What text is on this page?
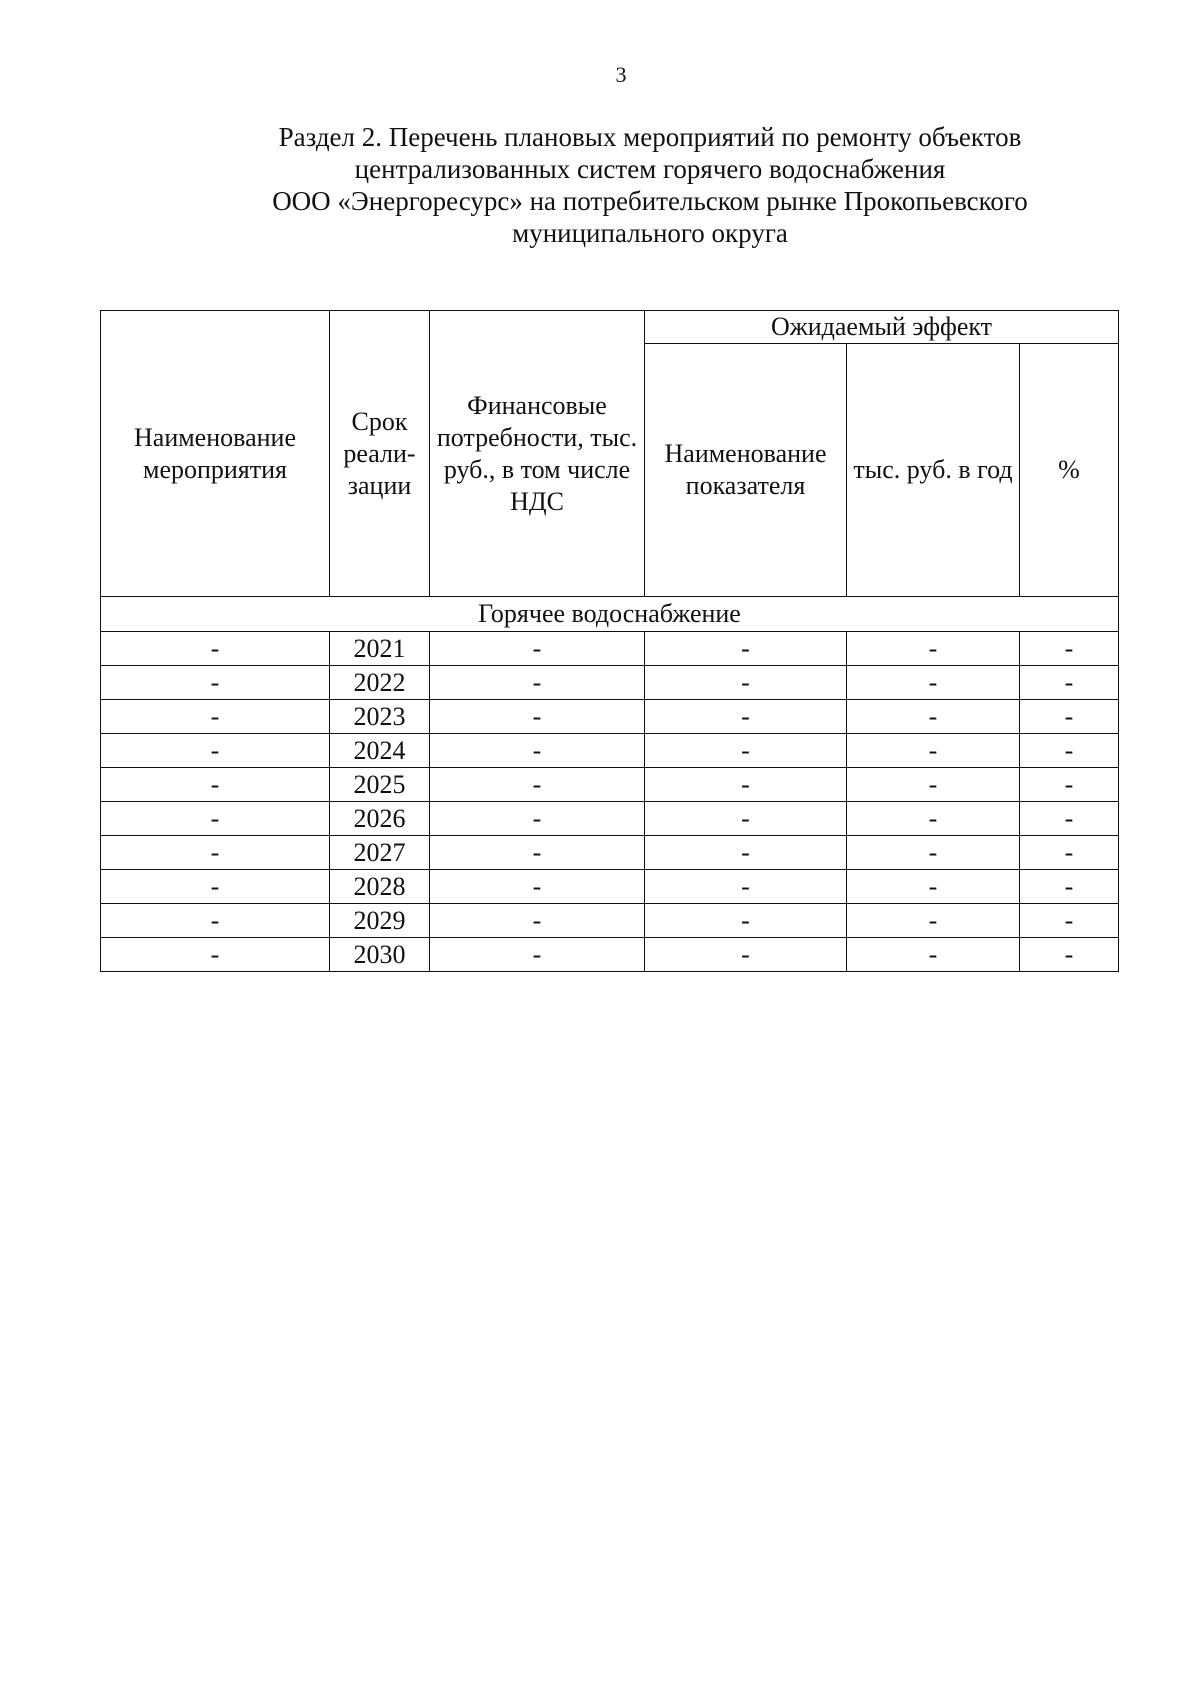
3
Раздел 2. Перечень плановых мероприятий по ремонту объектов
централизованных систем горячего водоснабжения
ООО «Энергоресурс» на потребительском рынке Прокопьевского
муниципального округа
Наименование мероприятия	Срок реали-зации	Финансовые потребности, тыс. руб., в том числе НДС	Ожидаемый эффект		
			Наименование показателя	тыс. руб. в год	%
Горячее водоснабжение					
-	2021	-	-	-	-
-	2022	-	-	-	-
-	2023	-	-	-	-
-	2024	-	-	-	-
-	2025	-	-	-	-
-	2026	-	-	-	-
-	2027	-	-	-	-
-	2028	-	-	-	-
-	2029	-	-	-	-
-	2030	-	-	-	-
